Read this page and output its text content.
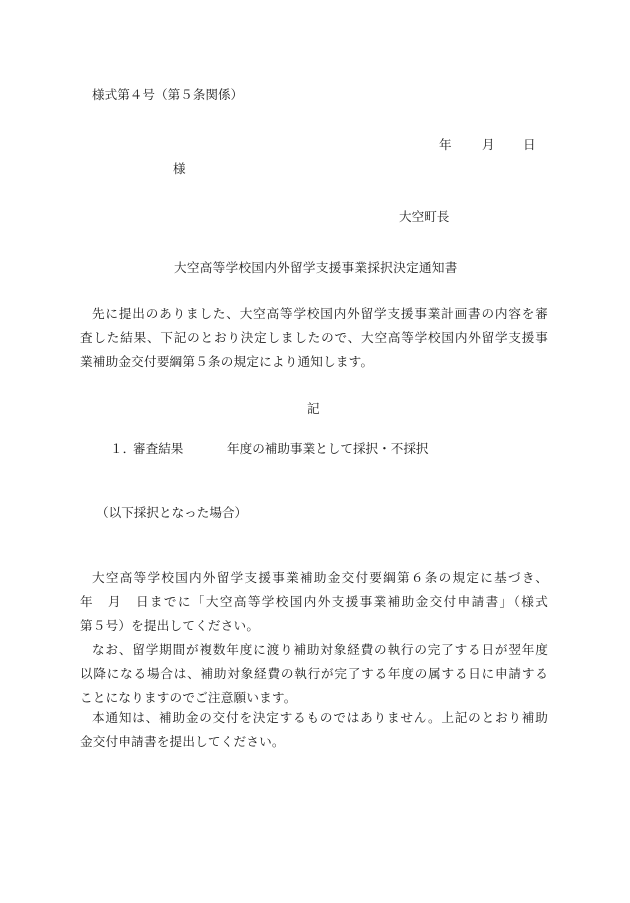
様式第４号（第５条関係）
年 月 日
様
大空町長
大空高等学校国内外留学支援事業採択決定通知書
先に提出のありました、大空高等学校国内外留学支援事業計画書の内容を審
査した結果、下記のとおり決定しましたので、大空高等学校国内外留学支援事
業補助金交付要綱第５条の規定により通知します。
記
１．
審査結果	年度の補助事業として採択・不採択
（以下採択となった場合）
大空高等学校国内外留学支援事業補助金交付要綱第６条の規定に基づき、
年　月　日までに「大空高等学校国内外支援事業補助金交付申請書」（様式
第５号）を提出してください。
なお、留学期間が複数年度に渡り補助対象経費の執行の完了する日が翌年度
以降になる場合は、補助対象経費の執行が完了する年度の属する日に申請する
ことになりますのでご注意願います。
本通知は、補助金の交付を決定するものではありません。上記のとおり補助
金交付申請書を提出してください。
